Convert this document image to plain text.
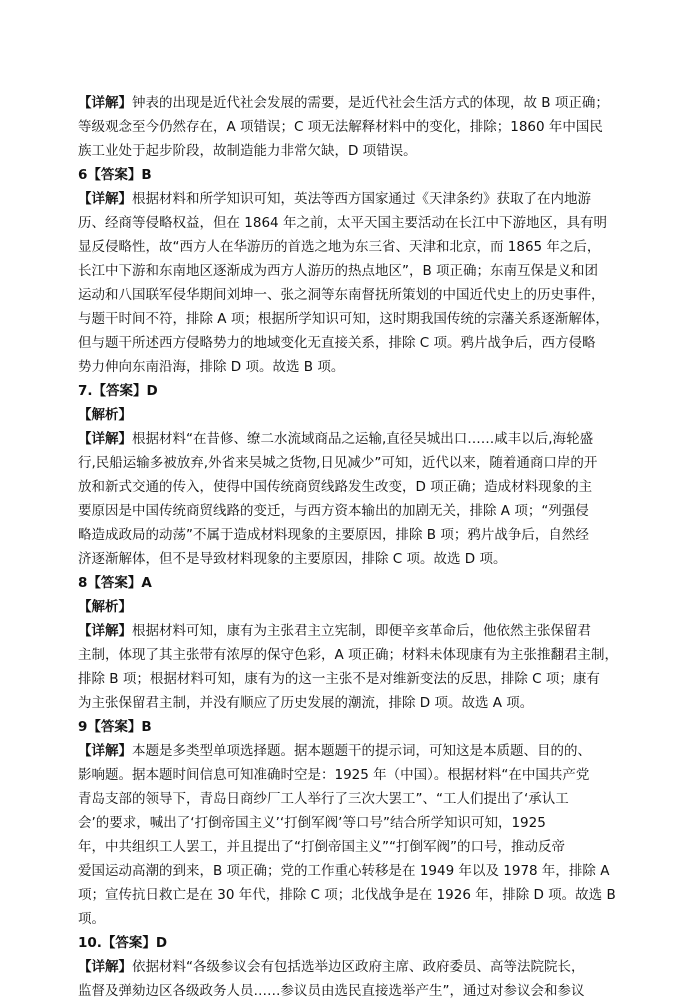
【详解】钟表的出现是近代社会发展的需要，是近代社会生活方式的体现，故 B 项正确；
等级观念至今仍然存在，A 项错误；C 项无法解释材料中的变化，排除；1860 年中国民
族工业处于起步阶段，故制造能力非常欠缺，D 项错误。
6【答案】B
【详解】根据材料和所学知识可知，英法等西方国家通过《天津条约》获取了在内地游
历、经商等侵略权益，但在 1864 年之前，太平天国主要活动在长江中下游地区，具有明
显反侵略性，故“西方人在华游历的首选之地为东三省、天津和北京，而 1865 年之后，
长江中下游和东南地区逐渐成为西方人游历的热点地区”，B 项正确；东南互保是义和团
运动和八国联军侵华期间刘坤一、张之洞等东南督抚所策划的中国近代史上的历史事件，
与题干时间不符，排除 A 项；根据所学知识可知，这时期我国传统的宗藩关系逐渐解体，
但与题干所述西方侵略势力的地域变化无直接关系，排除 C 项。鸦片战争后，西方侵略
势力伸向东南沿海，排除 D 项。故选 B 项。
7.【答案】D
【解析】
【详解】根据材料“在昔修、缭二水流域商品之运输,直径吴城出口……咸丰以后,海轮盛
行,民船运输多被放弃,外省来吴城之货物,日见减少”可知，近代以来，随着通商口岸的开
放和新式交通的传入，使得中国传统商贸线路发生改变，D 项正确；造成材料现象的主
要原因是中国传统商贸线路的变迁，与西方资本输出的加剧无关，排除 A 项；“列强侵
略造成政局的动荡”不属于造成材料现象的主要原因，排除 B 项；鸦片战争后，自然经
济逐渐解体，但不是导致材料现象的主要原因，排除 C 项。故选 D 项。
8【答案】A
【解析】
【详解】根据材料可知，康有为主张君主立宪制，即便辛亥革命后，他依然主张保留君
主制，体现了其主张带有浓厚的保守色彩，A 项正确；材料未体现康有为主张推翻君主制，
排除 B 项；根据材料可知，康有为的这一主张不是对维新变法的反思，排除 C 项；康有
为主张保留君主制，并没有顺应了历史发展的潮流，排除 D 项。故选 A 项。
9【答案】B
【详解】本题是多类型单项选择题。据本题题干的提示词，可知这是本质题、目的的、
影响题。据本题时间信息可知准确时空是：1925 年（中国）。根据材料“在中国共产党
青岛支部的领导下，青岛日商纱厂工人举行了三次大罢工”、“工人们提出了‘承认工
会’的要求，喊出了‘打倒帝国主义’‘打倒军阀’等口号”结合所学知识可知，1925
年，中共组织工人罢工，并且提出了“打倒帝国主义”“打倒军阀”的口号，推动反帝
爱国运动高潮的到来，B 项正确；党的工作重心转移是在 1949 年以及 1978 年，排除 A
项；宣传抗日救亡是在 30 年代，排除 C 项；北伐战争是在 1926 年，排除 D 项。故选 B
项。
10.【答案】D
【详解】依据材料“各级参议会有包括选举边区政府主席、政府委员、高等法院院长，
监督及弹劾边区各级政务人员……参议员由选民直接选举产生”，通过对参议会和参议
